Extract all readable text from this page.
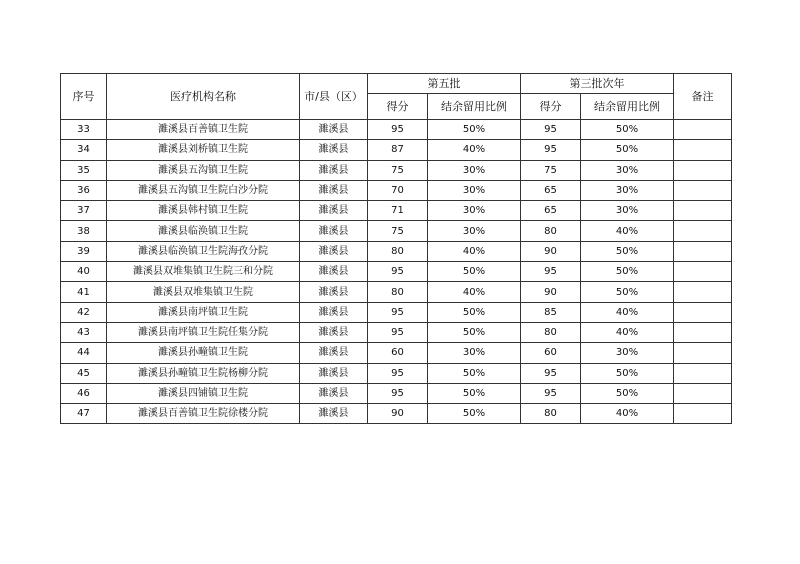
序号	医疗机构名称	市/县（区）	第五批		第三批次年		备注
			得分	结余留用比例	得分	结余留用比例	
33	濉溪县百善镇卫生院	濉溪县	95	50%	95	50%	
34	濉溪县刘桥镇卫生院	濉溪县	87	40%	95	50%	
35	濉溪县五沟镇卫生院	濉溪县	75	30%	75	30%	
36	濉溪县五沟镇卫生院白沙分院	濉溪县	70	30%	65	30%	
37	濉溪县韩村镇卫生院	濉溪县	71	30%	65	30%	
38	濉溪县临涣镇卫生院	濉溪县	75	30%	80	40%	
39	濉溪县临涣镇卫生院海孜分院	濉溪县	80	40%	90	50%	
40	濉溪县双堆集镇卫生院三和分院	濉溪县	95	50%	95	50%	
41	濉溪县双堆集镇卫生院	濉溪县	80	40%	90	50%	
42	濉溪县南坪镇卫生院	濉溪县	95	50%	85	40%	
43	濉溪县南坪镇卫生院任集分院	濉溪县	95	50%	80	40%	
44	濉溪县孙疃镇卫生院	濉溪县	60	30%	60	30%	
45	濉溪县孙疃镇卫生院杨柳分院	濉溪县	95	50%	95	50%	
46	濉溪县四铺镇卫生院	濉溪县	95	50%	95	50%	
47	濉溪县百善镇卫生院徐楼分院	濉溪县	90	50%	80	40%	
